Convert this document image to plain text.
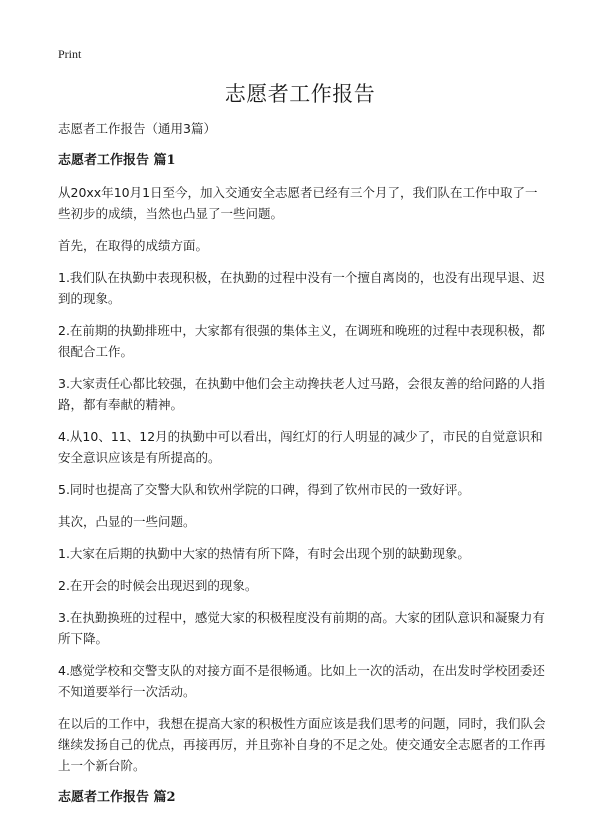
Print
志愿者工作报告
志愿者工作报告（通用3篇）
志愿者工作报告 篇1
从20xx年10月1日至今，加入交通安全志愿者已经有三个月了，我们队在工作中取了一些初步的成绩，当然也凸显了一些问题。
首先，在取得的成绩方面。
1.我们队在执勤中表现积极，在执勤的过程中没有一个擅自离岗的，也没有出现早退、迟到的现象。
2.在前期的执勤排班中，大家都有很强的集体主义，在调班和晚班的过程中表现积极，都很配合工作。
3.大家责任心都比较强，在执勤中他们会主动搀扶老人过马路，会很友善的给问路的人指路，都有奉献的精神。
4.从10、11、12月的执勤中可以看出，闯红灯的行人明显的减少了，市民的自觉意识和安全意识应该是有所提高的。
5.同时也提高了交警大队和钦州学院的口碑，得到了钦州市民的一致好评。
其次，凸显的一些问题。
1.大家在后期的执勤中大家的热情有所下降，有时会出现个别的缺勤现象。
2.在开会的时候会出现迟到的现象。
3.在执勤换班的过程中，感觉大家的积极程度没有前期的高。大家的团队意识和凝聚力有所下降。
4.感觉学校和交警支队的对接方面不是很畅通。比如上一次的活动，在出发时学校团委还不知道要举行一次活动。
在以后的工作中，我想在提高大家的积极性方面应该是我们思考的问题，同时，我们队会继续发扬自己的优点，再接再厉，并且弥补自身的不足之处。使交通安全志愿者的工作再上一个新台阶。
志愿者工作报告 篇2
